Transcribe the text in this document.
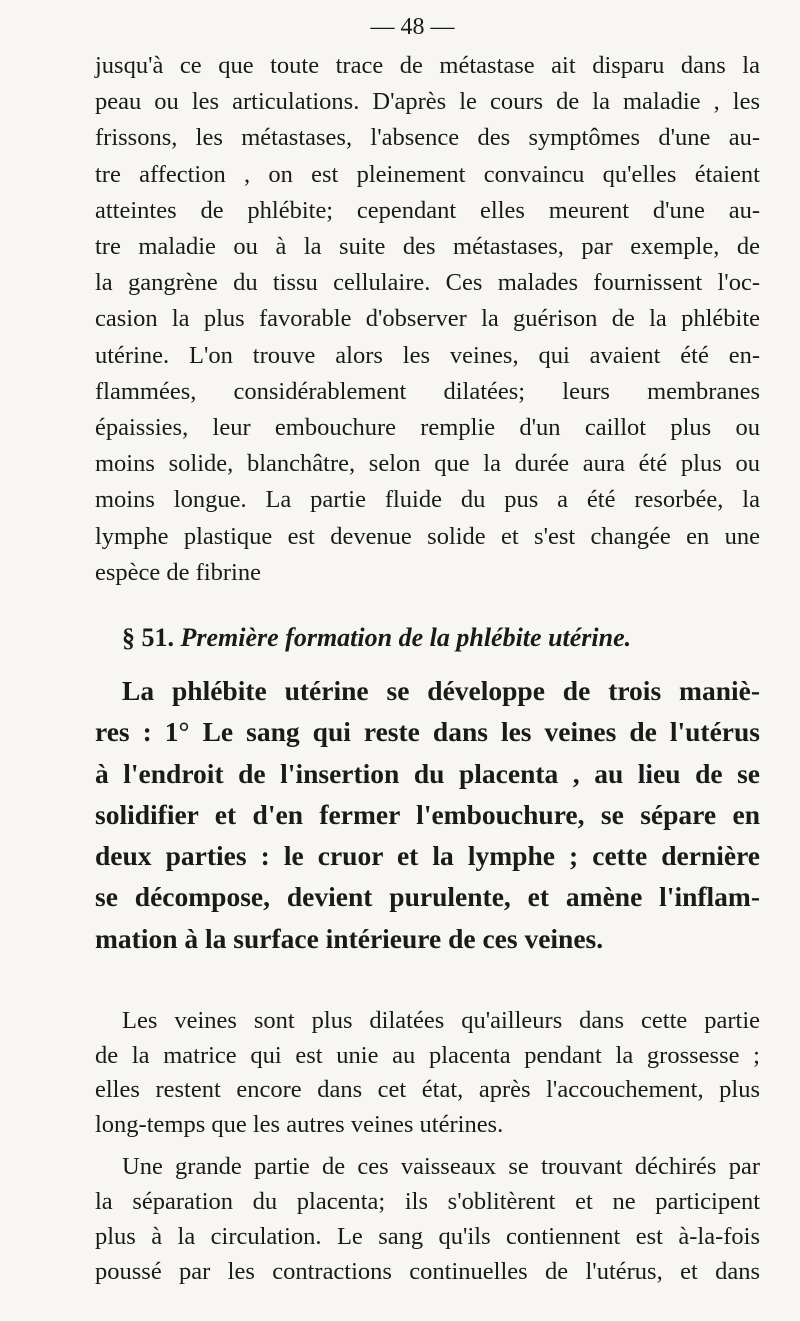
— 48 —
jusqu'à ce que toute trace de métastase ait disparu dans la
peau ou les articulations. D'après le cours de la maladie , les
frissons, les métastases, l'absence des symptômes d'une au-
tre affection , on est pleinement convaincu qu'elles étaient
atteintes de phlébite; cependant elles meurent d'une au-
tre maladie ou à la suite des métastases, par exemple, de
la gangrène du tissu cellulaire. Ces malades fournissent l'oc-
casion la plus favorable d'observer la guérison de la phlébite
utérine. L'on trouve alors les veines, qui avaient été en-
flammées, considérablement dilatées; leurs membranes
épaissies, leur embouchure remplie d'un caillot plus ou
moins solide, blanchâtre, selon que la durée aura été plus ou
moins longue. La partie fluide du pus a été resorbée, la
lymphe plastique est devenue solide et s'est changée en une
espèce de fibrine
§ 51. Première formation de la phlébite utérine.
La phlébite utérine se développe de trois maniè-
res : 1° Le sang qui reste dans les veines de l'utérus
à l'endroit de l'insertion du placenta , au lieu de se
solidifier et d'en fermer l'embouchure, se sépare en
deux parties : le cruor et la lymphe ; cette dernière
se décompose, devient purulente, et amène l'inflam-
mation à la surface intérieure de ces veines.
Les veines sont plus dilatées qu'ailleurs dans cette partie
de la matrice qui est unie au placenta pendant la grossesse ;
elles restent encore dans cet état, après l'accouchement, plus
long-temps que les autres veines utérines.
Une grande partie de ces vaisseaux se trouvant déchirés par
la séparation du placenta; ils s'oblitèrent et ne participent
plus à la circulation. Le sang qu'ils contiennent est à-la-fois
poussé par les contractions continuelles de l'utérus, et dans
